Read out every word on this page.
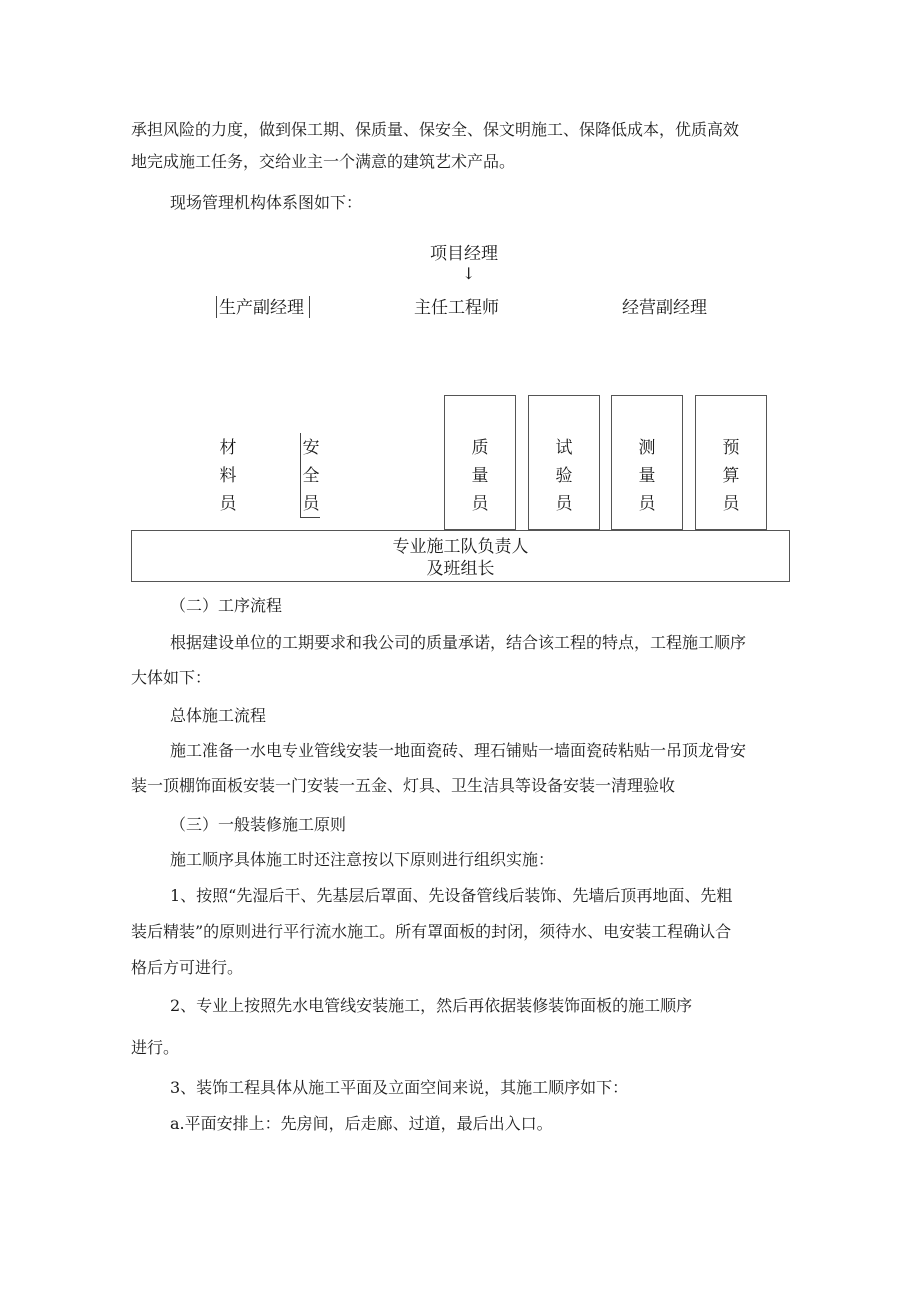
承担风险的力度，做到保工期、保质量、保安全、保文明施工、保降低成本，优质高效
地完成施工任务，交给业主一个满意的建筑艺术产品。
现场管理机构体系图如下：
项目经理
↓
生产副经理	主任工程师	经营副经理
材料员
安全员
质量员
试验员
测量员
预算员
专业施工队负责人
及班组长
（二）工序流程
根据建设单位的工期要求和我公司的质量承诺，结合该工程的特点，工程施工顺序
大体如下：
总体施工流程
施工准备一水电专业管线安装一地面瓷砖、理石铺贴一墙面瓷砖粘贴一吊顶龙骨安
装一顶棚饰面板安装一门安装一五金、灯具、卫生洁具等设备安装一清理验收
（三）一般装修施工原则
施工顺序具体施工时还注意按以下原则进行组织实施：
1、按照“先湿后干、先基层后罩面、先设备管线后装饰、先墙后顶再地面、先粗
装后精装”的原则进行平行流水施工。所有罩面板的封闭，须待水、电安装工程确认合
格后方可进行。
2、专业上按照先水电管线安装施工，然后再依据装修装饰面板的施工顺序
进行。
3、装饰工程具体从施工平面及立面空间来说，其施工顺序如下：
a.平面安排上：先房间，后走廊、过道，最后出入口。
